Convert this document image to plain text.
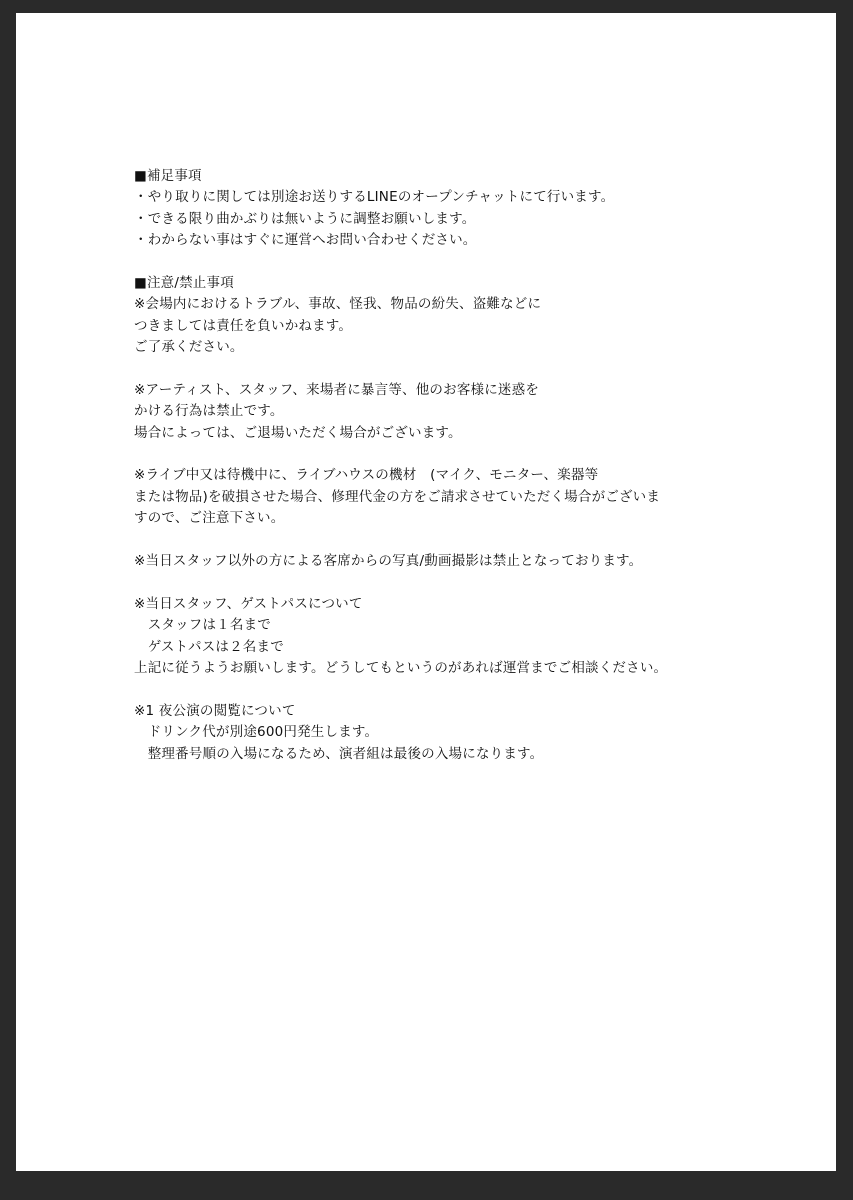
■補足事項
・やり取りに関しては別途お送りするLINEのオープンチャットにて行います。
・できる限り曲かぶりは無いように調整お願いします。
・わからない事はすぐに運営へお問い合わせください。
■注意/禁止事項
※会場内におけるトラブル、事故、怪我、物品の紛失、盗難などに
つきましては責任を負いかねます。
ご了承ください。
※アーティスト、スタッフ、来場者に暴言等、他のお客様に迷惑を
かける行為は禁止です。
場合によっては、ご退場いただく場合がございます。
※ライブ中又は待機中に、ライブハウスの機材　(マイク、モニター、楽器等
または物品)を破損させた場合、修理代金の方をご請求させていただく場合がございま
すので、ご注意下さい。
※当日スタッフ以外の方による客席からの写真/動画撮影は禁止となっております。
※当日スタッフ、ゲストパスについて
　スタッフは１名まで
　ゲストパスは２名まで
上記に従うようお願いします。どうしてもというのがあれば運営までご相談ください。
※1 夜公演の閲覧について
　ドリンク代が別途600円発生します。
　整理番号順の入場になるため、演者組は最後の入場になります。
